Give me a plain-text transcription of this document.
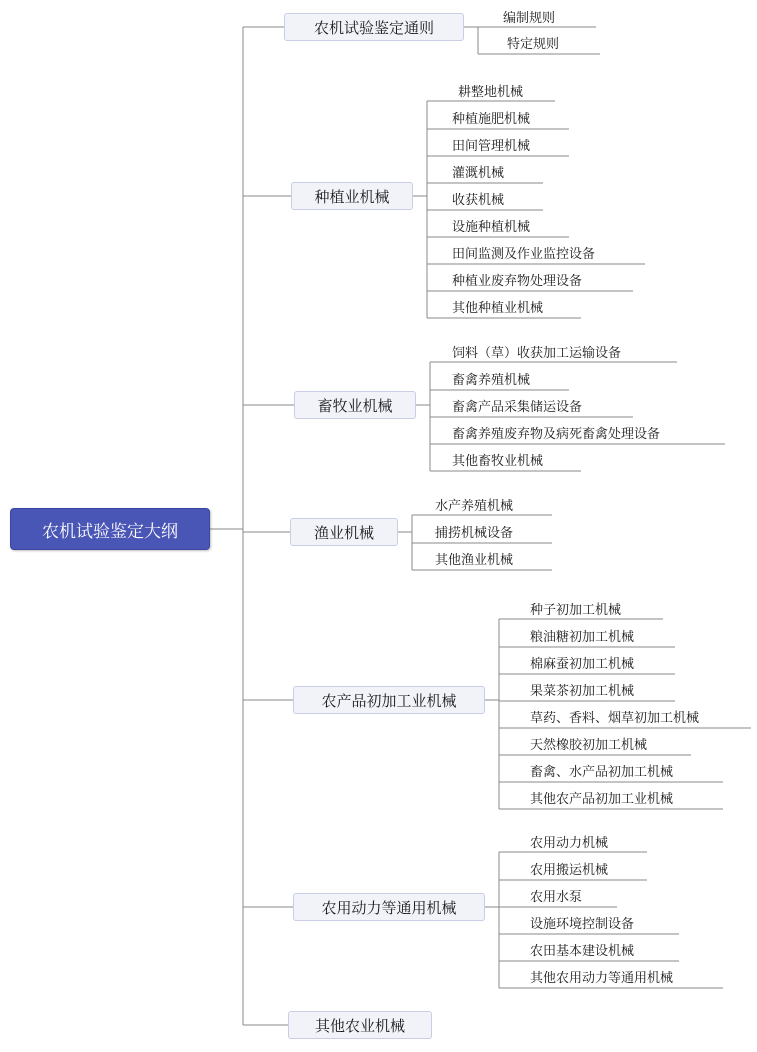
农机试验鉴定大纲
农机试验鉴定通则
编制规则
特定规则
种植业机械
耕整地机械
种植施肥机械
田间管理机械
灌溉机械
收获机械
设施种植机械
田间监测及作业监控设备
种植业废弃物处理设备
其他种植业机械
畜牧业机械
饲料（草）收获加工运输设备
畜禽养殖机械
畜禽产品采集储运设备
畜禽养殖废弃物及病死畜禽处理设备
其他畜牧业机械
渔业机械
水产养殖机械
捕捞机械设备
其他渔业机械
农产品初加工业机械
种子初加工机械
粮油糖初加工机械
棉麻蚕初加工机械
果菜茶初加工机械
草药、香料、烟草初加工机械
天然橡胶初加工机械
畜禽、水产品初加工机械
其他农产品初加工业机械
农用动力等通用机械
农用动力机械
农用搬运机械
农用水泵
设施环境控制设备
农田基本建设机械
其他农用动力等通用机械
其他农业机械
